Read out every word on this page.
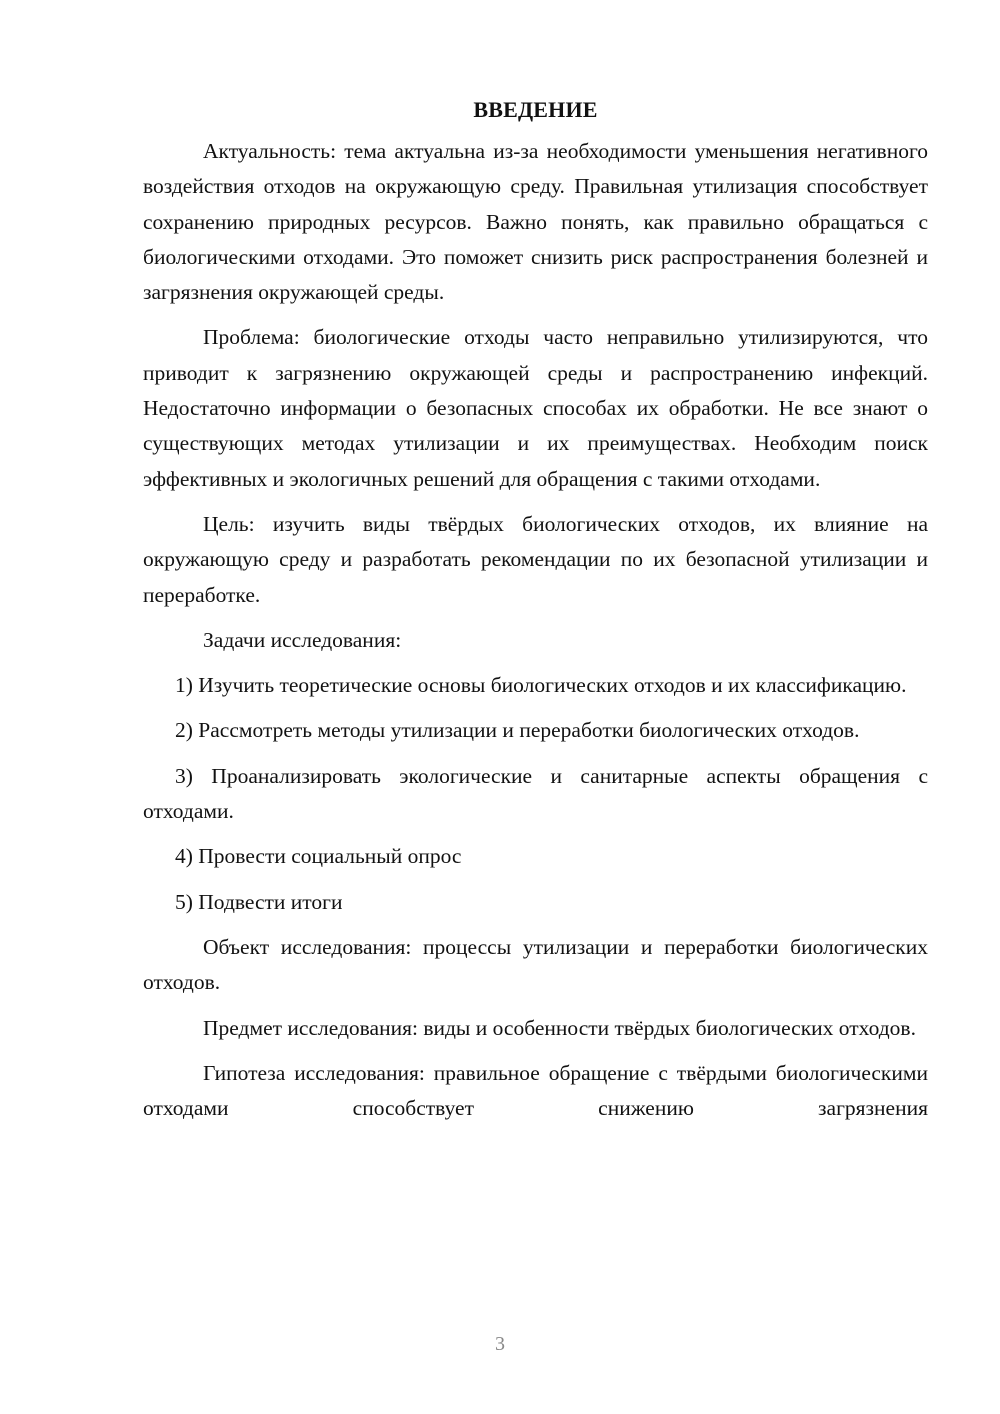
ВВЕДЕНИЕ

Актуальность: тема актуальна из-за необходимости уменьшения негативного воздействия отходов на окружающую среду. Правильная утилизация способствует сохранению природных ресурсов. Важно понять, как правильно обращаться с биологическими отходами. Это поможет снизить риск распространения болезней и загрязнения окружающей среды.

Проблема: биологические отходы часто неправильно утилизируются, что приводит к загрязнению окружающей среды и распространению инфекций. Недостаточно информации о безопасных способах их обработки. Не все знают о существующих методах утилизации и их преимуществах. Необходим поиск эффективных и экологичных решений для обращения с такими отходами.

Цель: изучить виды твёрдых биологических отходов, их влияние на окружающую среду и разработать рекомендации по их безопасной утилизации и переработке.

Задачи исследования:

1) Изучить теоретические основы биологических отходов и их классификацию.

2) Рассмотреть методы утилизации и переработки биологических отходов.

3) Проанализировать экологические и санитарные аспекты обращения с отходами.

4) Провести социальный опрос

5) Подвести итоги

Объект исследования: процессы утилизации и переработки биологических отходов.

Предмет исследования: виды и особенности твёрдых биологических отходов.

Гипотеза исследования: правильное обращение с твёрдыми биологическими отходами способствует снижению загрязнения

3
